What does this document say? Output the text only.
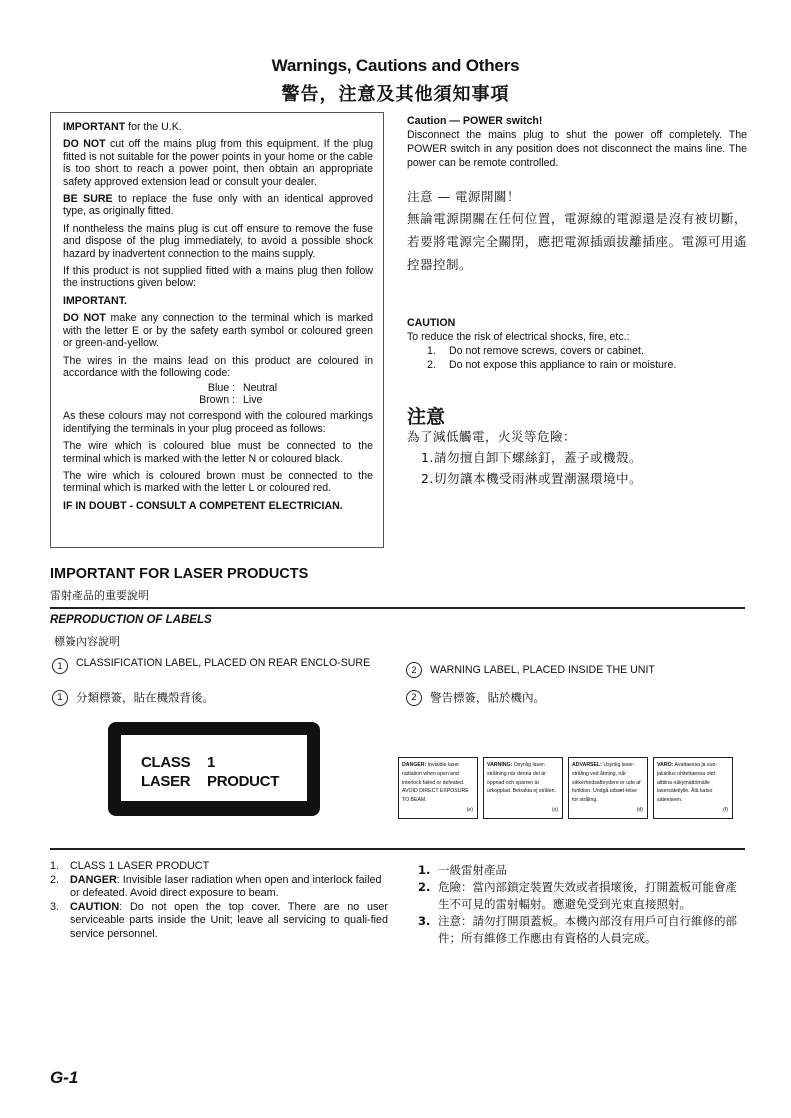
Warnings, Cautions and Others
警告，注意及其他須知事項

IMPORTANT for the U.K.

DO NOT cut off the mains plug from this equipment. If the plug fitted is not suitable for the power points in your home or the cable is too short to reach a power point, then obtain an appropriate safety approved extension lead or consult your dealer.

BE SURE to replace the fuse only with an identical approved type, as originally fitted.

If nontheless the mains plug is cut off ensure to remove the fuse and dispose of the plug immediately, to avoid a possible shock hazard by inadvertent connection to the mains supply.

If this product is not supplied fitted with a mains plug then follow the instructions given below:

IMPORTANT.

DO NOT make any connection to the terminal which is marked with the letter E or by the safety earth symbol or coloured green or green-and-yellow.

The wires in the mains lead on this product are coloured in accordance with the following code:

Blue : Neutral
Brown : Live

As these colours may not correspond with the coloured markings identifying the terminals in your plug proceed as follows:

The wire which is coloured blue must be connected to the terminal which is marked with the letter N or coloured black.

The wire which is coloured brown must be connected to the terminal which is marked with the letter L or coloured red.

IF IN DOUBT - CONSULT A COMPETENT ELECTRICIAN.

Caution — POWER switch!

Disconnect the mains plug to shut the power off completely. The POWER switch in any position does not disconnect the mains line. The power can be remote controlled.

注意 — 電源開關！

無論電源開關在任何位置，電源線的電源還是沒有被切斷，若要將電源完全關閉，應把電源插頭拔離插座。電源可用遙控器控制。

CAUTION

To reduce the risk of electrical shocks, fire, etc.:

1.	Do not remove screws, covers or cabinet.
2.	Do not expose this appliance to rain or moisture.

注意

為了減低觸電，火災等危險：

1. 請勿擅自卸下螺絲釘，蓋子或機殼。
2. 切勿讓本機受雨淋或置潮濕環境中。
IMPORTANT FOR LASER PRODUCTS
雷射產品的重要說明
REPRODUCTION OF LABELS
標簽內容說明
1	CLASSIFICATION LABEL, PLACED ON REAR ENCLO-SURE
1 分類標簽，貼在機殼背後。
2 WARNING LABEL, PLACED INSIDE THE UNIT
2 警告標簽，貼於機內。
CLASS	1
LASER	PRODUCT
DANGER: Invisible laser radiation when open and interlock failed or defeated. AVOID DIRECT EXPOSURE TO BEAM.
(e)
VARNING: Osynlig laser-strålning när denna del är öppnad och spärren är urkopplad. Betrakta ej strålen.
(s)
ADVARSEL: Usynlig laser-stråling ved åbning, når sikkerhedsafbrydere er ude af funktion. Undgå udsæt-telse for stråling.
(d)
VARO: Avattaessa ja suo-jalukitus ohitettaessa olet alttiina näkymättömälle lasersäteilylle. Älä katso säteeseen.
(f)
1.	CLASS 1 LASER PRODUCT
2.	DANGER: Invisible laser radiation when open and interlock failed or defeated. Avoid direct exposure to beam.
3.	CAUTION: Do not open the top cover. There are no user serviceable parts inside the Unit; leave all servicing to quali-fied service personnel.
1. 一級雷射產品
2. 危險：當內部鎖定裝置失效或者損壞後，打開蓋板可能會產生不可見的雷射輻射。應避免受到光束直接照射。
3. 注意：請勿打開頂蓋板。本機內部沒有用戶可自行維修的部件；所有維修工作應由有資格的人員完成。
G-1
